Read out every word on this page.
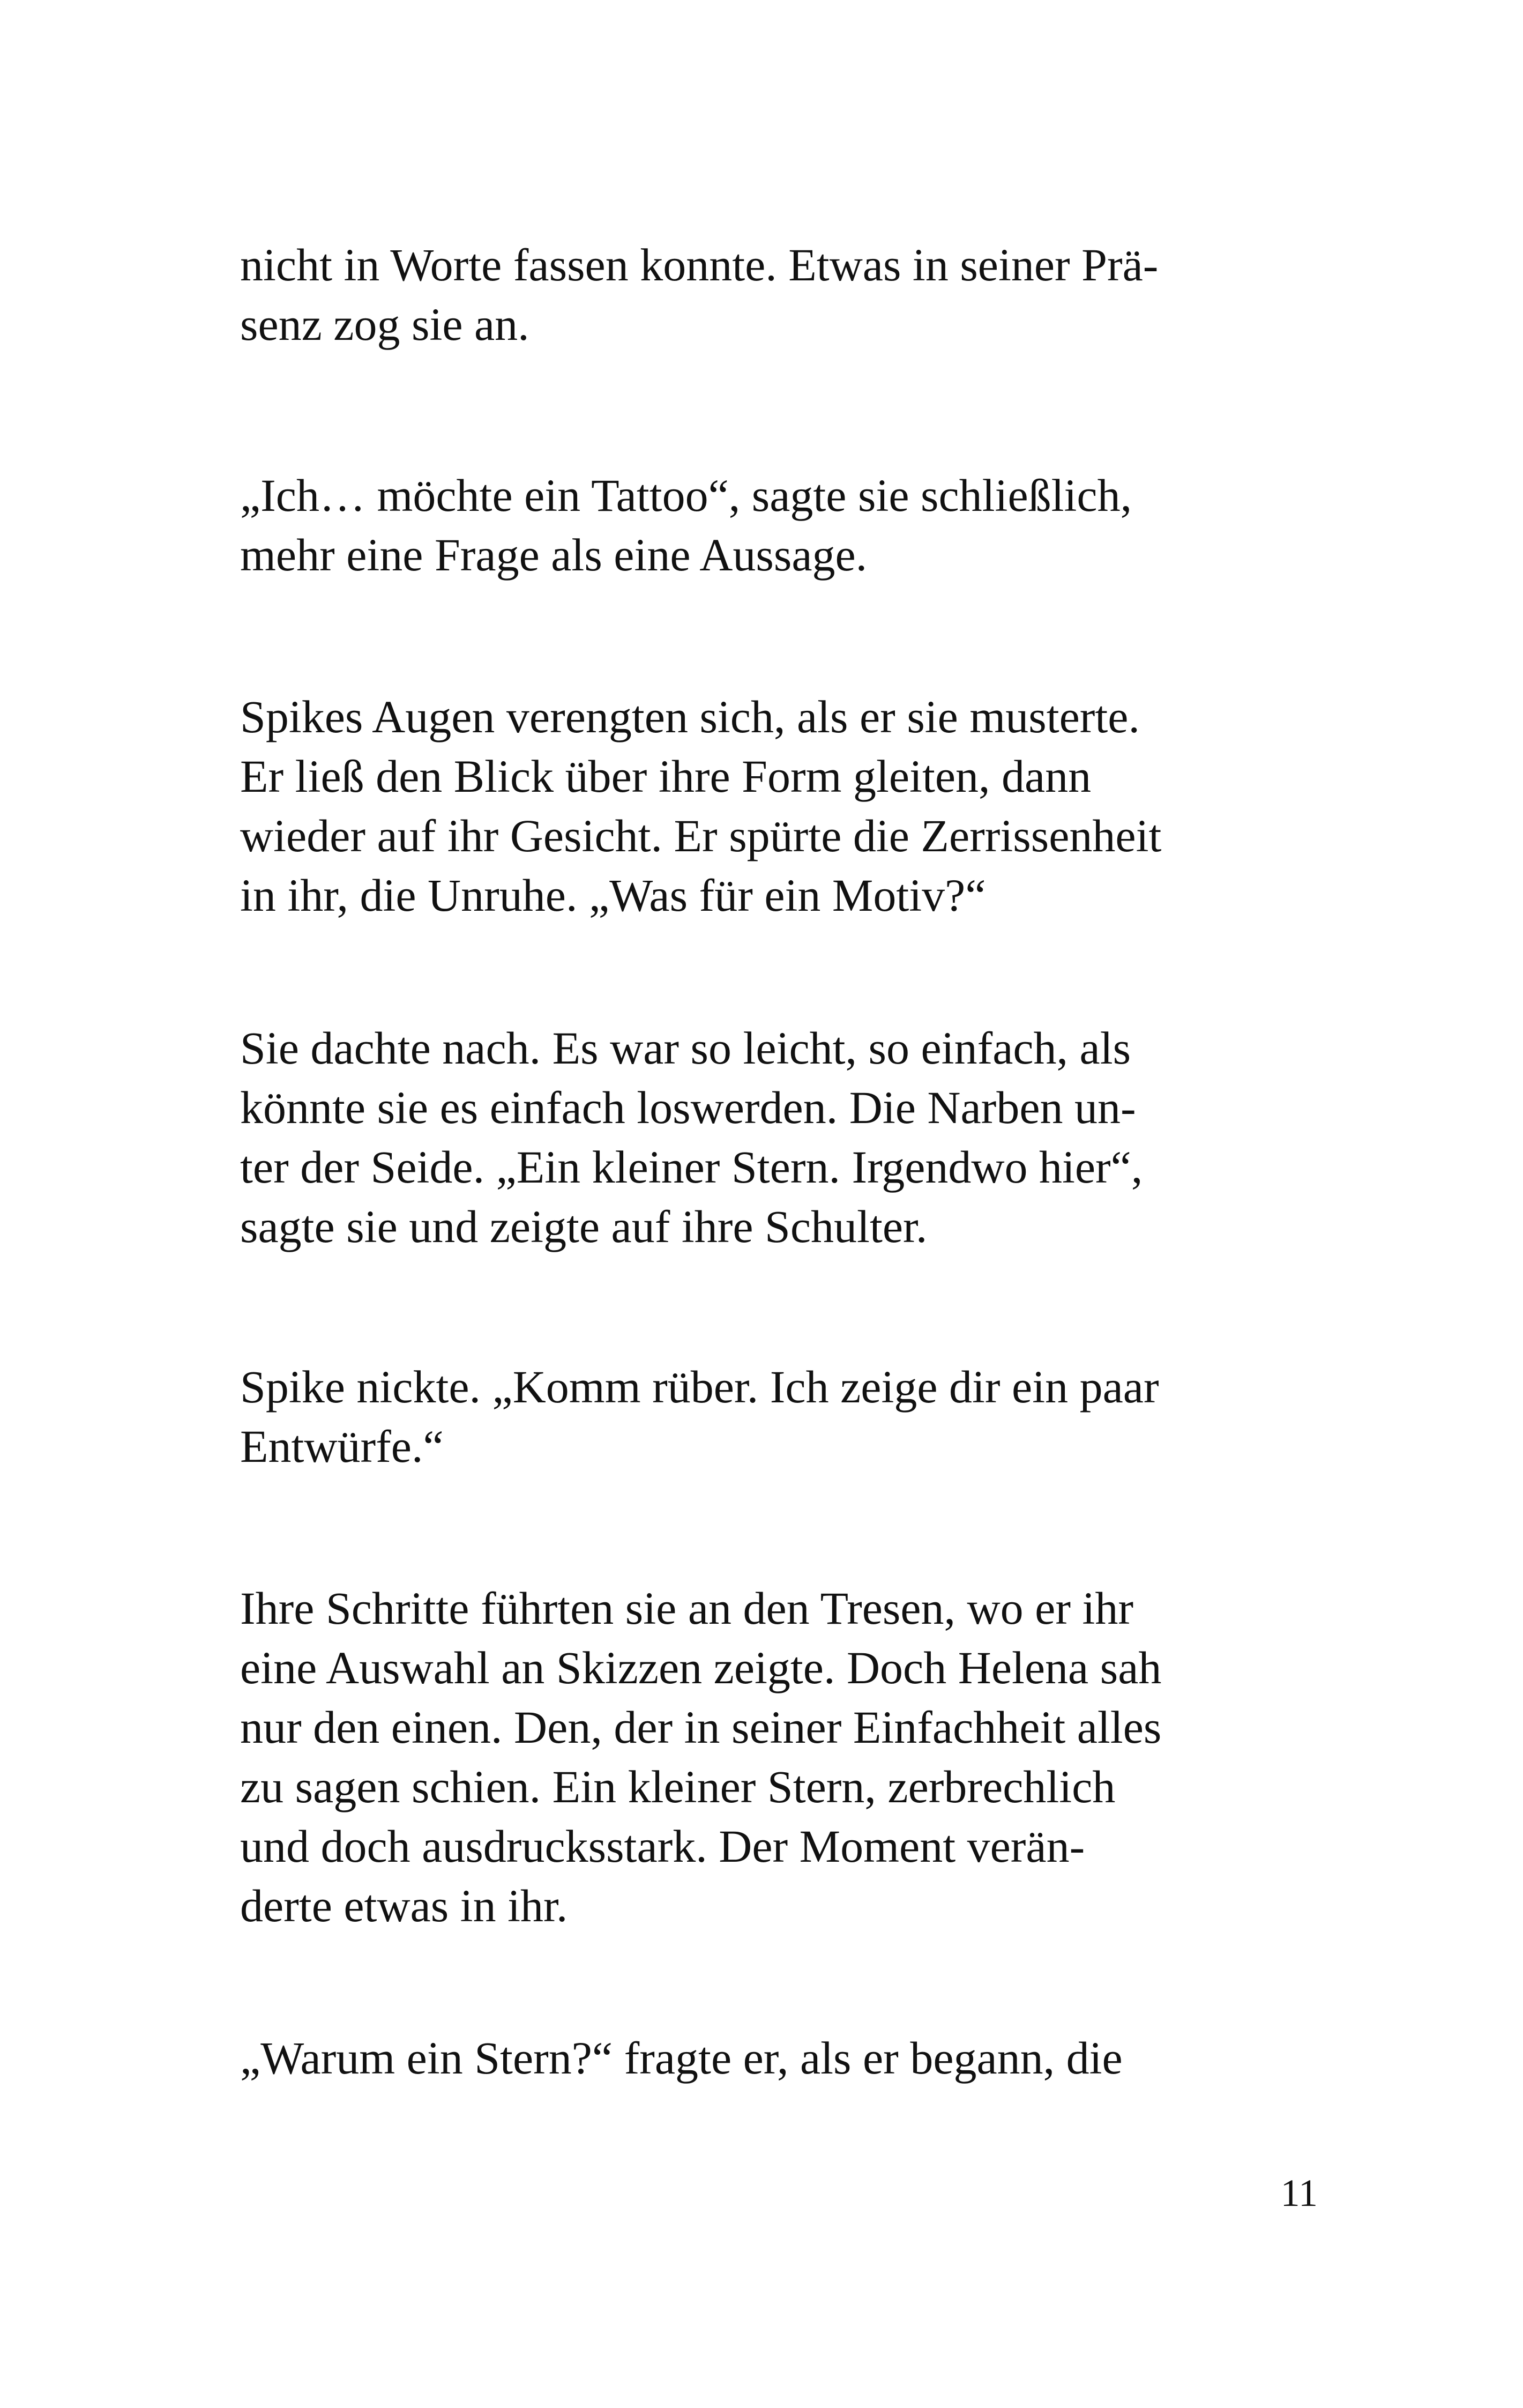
nicht in Worte fassen konnte. Etwas in seiner Prä-
senz zog sie an.

„Ich… möchte ein Tattoo“, sagte sie schließlich,
mehr eine Frage als eine Aussage.

Spikes Augen verengten sich, als er sie musterte.
Er ließ den Blick über ihre Form gleiten, dann
wieder auf ihr Gesicht. Er spürte die Zerrissenheit
in ihr, die Unruhe. „Was für ein Motiv?“

Sie dachte nach. Es war so leicht, so einfach, als
könnte sie es einfach loswerden. Die Narben un-
ter der Seide. „Ein kleiner Stern. Irgendwo hier“,
sagte sie und zeigte auf ihre Schulter.

Spike nickte. „Komm rüber. Ich zeige dir ein paar
Entwürfe.“

Ihre Schritte führten sie an den Tresen, wo er ihr
eine Auswahl an Skizzen zeigte. Doch Helena sah
nur den einen. Den, der in seiner Einfachheit alles
zu sagen schien. Ein kleiner Stern, zerbrechlich
und doch ausdrucksstark. Der Moment verän-
derte etwas in ihr.

„Warum ein Stern?“ fragte er, als er begann, die

11
